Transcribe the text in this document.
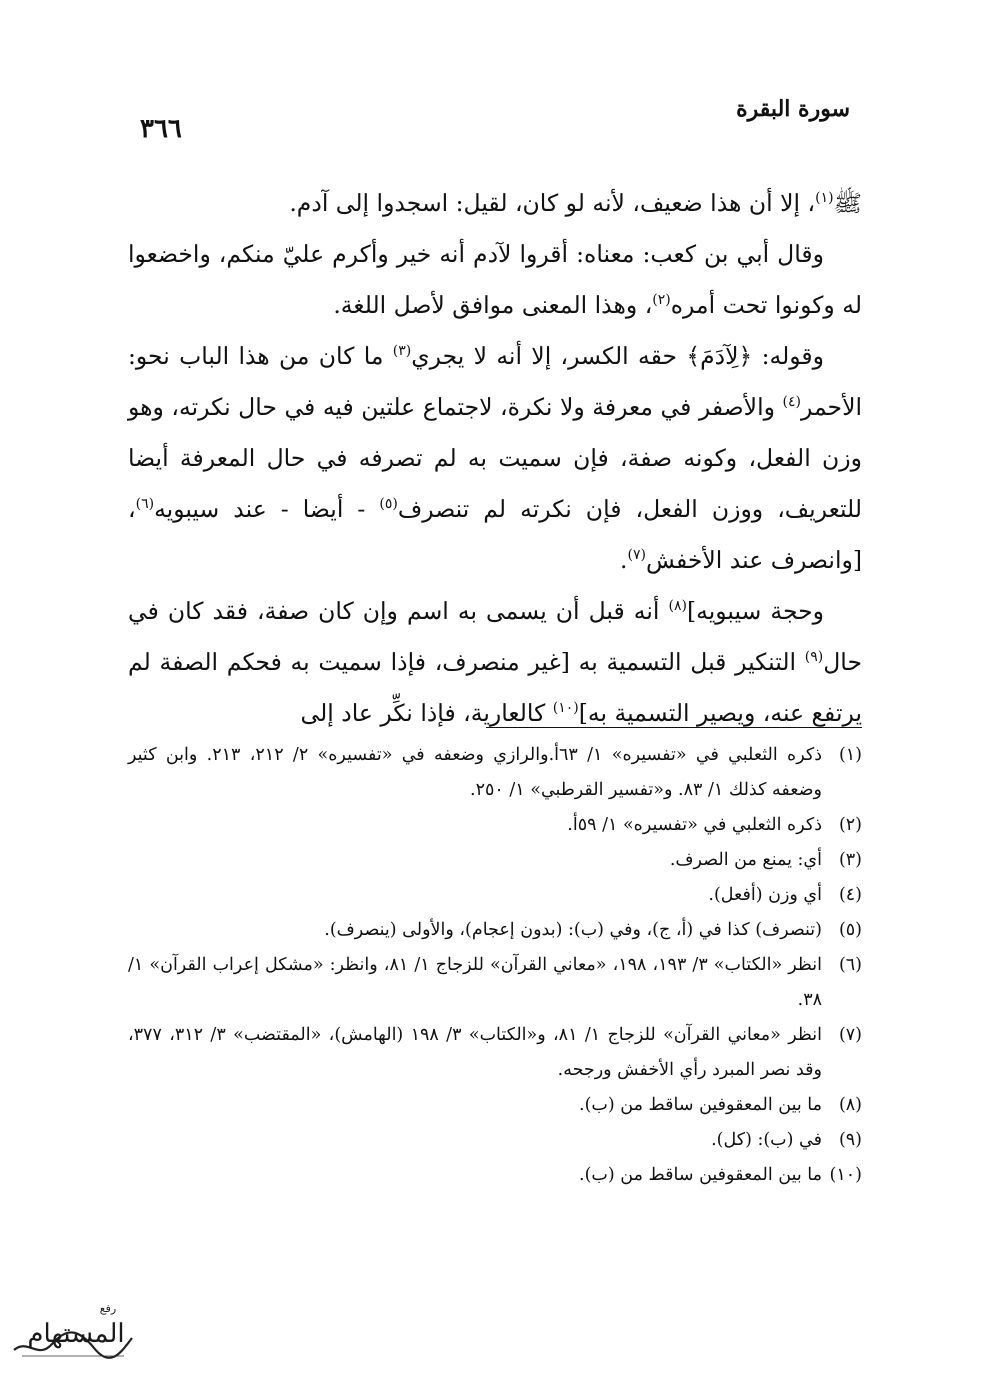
سورة البقرة
٣٦٦

ﷺ$^{(١)}$، إلا أن هذا ضعيف، لأنه لو كان، لقيل: اسجدوا إلى آدم.

وقال أبي بن كعب: معناه: أقروا لآدم أنه خير وأكرم عليّ منكم، واخضعوا له وكونوا تحت أمره$^{(٢)}$، وهذا المعنى موافق لأصل اللغة.

وقوله: ﴿لِآدَمَ﴾ حقه الكسر، إلا أنه لا يجري$^{(٣)}$ ما كان من هذا الباب نحو: الأحمر$^{(٤)}$ والأصفر في معرفة ولا نكرة، لاجتماع علتين فيه في حال نكرته، وهو وزن الفعل، وكونه صفة، فإن سميت به لم تصرفه في حال المعرفة أيضا للتعريف، ووزن الفعل، فإن نكرته لم تنصرف$^{(٥)}$ - أيضا - عند سيبويه$^{(٦)}$، [وانصرف عند الأخفش$^{(٧)}$.

وحجة سيبويه]$^{(٨)}$ أنه قبل أن يسمى به اسم وإن كان صفة، فقد كان في حال$^{(٩)}$ التنكير قبل التسمية به [غير منصرف، فإذا سميت به فحكم الصفة لم يرتفع عنه، ويصير التسمية به]$^{(١٠)}$ كالعارية، فإذا نكِّر عاد إلى

(١)
ذكره الثعلبي في «تفسيره» ١/ ٦٣أ.والرازي وضعفه في «تفسيره» ٢/ ٢١٢، ٢١٣. وابن كثير وضعفه كذلك ١/ ٨٣. و«تفسير القرطبي» ١/ ٢٥٠.
(٢)
ذكره الثعلبي في «تفسيره» ١/ ٥٩أ.
(٣)
أي: يمنع من الصرف.
(٤)
أي وزن (أفعل).
(٥)
(تنصرف) كذا في (أ، ج)، وفي (ب): (بدون إعجام)، والأولى (ينصرف).
(٦)
انظر «الكتاب» ٣/ ١٩٣، ١٩٨، «معاني القرآن» للزجاج ١/ ٨١، وانظر: «مشكل إعراب القرآن» ١/ ٣٨.
(٧)
انظر «معاني القرآن» للزجاج ١/ ٨١، و«الكتاب» ٣/ ١٩٨ (الهامش)، «المقتضب» ٣/ ٣١٢، ٣٧٧، وقد نصر المبرد رأي الأخفش ورجحه.
(٨)
ما بين المعقوفين ساقط من (ب).
(٩)
في (ب): (كل).
(١٠)
ما بين المعقوفين ساقط من (ب).
المستهام
رفع
